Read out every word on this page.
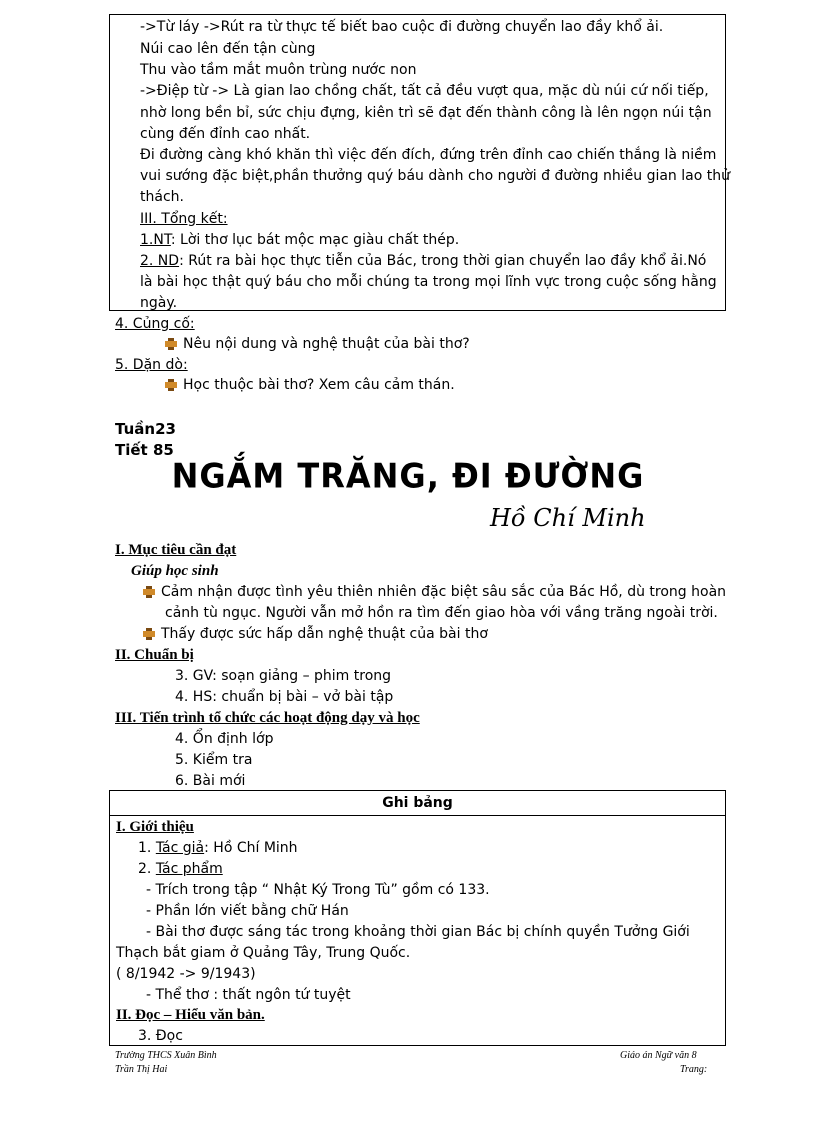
->Từ láy ->Rút ra từ thực tế biết bao cuộc đi đường chuyển lao đầy khổ ải.
Núi cao lên đến tận cùng
Thu vào tầm mắt muôn trùng nước non
->Điệp từ -> Là gian lao chồng chất, tất cả đều vượt qua, mặc dù núi cứ nối tiếp,
nhờ long bền bỉ, sức chịu đựng, kiên trì sẽ đạt đến thành công là lên ngọn núi tận
cùng đến đỉnh cao nhất.
Đi đường càng khó khăn thì việc đến đích, đứng trên đỉnh cao chiến thắng là niềm
vui sướng đặc biệt,phần thưởng quý báu dành cho người đ đường nhiều gian lao thử
thách.
III. Tổng kết:
1.NT: Lời thơ lục bát mộc mạc giàu chất thép.
2. ND: Rút ra bài học thực tiễn của Bác, trong thời gian chuyển lao đầy khổ ải.Nó
là bài học thật quý báu cho mỗi chúng ta trong mọi lĩnh vực trong cuộc sống hằng
ngày.
4. Củng cố:
Nêu nội dung và nghệ thuật của bài thơ?
5. Dặn dò:
Học thuộc bài thơ? Xem câu cảm thán.
Tuần23
Tiết 85
NGẮM TRĂNG, ĐI ĐƯỜNG
Hồ Chí Minh
I. Mục tiêu cần đạt
Giúp học sinh
Cảm nhận được tình yêu thiên nhiên đặc biệt sâu sắc của Bác Hồ, dù trong hoàn
cảnh tù ngục. Người vẫn mở hồn ra tìm đến giao hòa với vầng trăng ngoài trời.
Thấy được sức hấp dẫn nghệ thuật của bài thơ
II. Chuẩn bị
3. GV: soạn giảng – phim trong
4. HS: chuẩn bị bài – vở bài tập
III. Tiến trình tổ chức các hoạt động dạy và học
4. Ổn định lớp
5. Kiểm tra
6. Bài mới
Ghi bảng
I. Giới thiệu
1. Tác giả: Hồ Chí Minh
2. Tác phẩm
- Trích trong tập “ Nhật Ký Trong Tù” gồm có 133.
- Phần lớn viết bằng chữ Hán
- Bài thơ được sáng tác trong khoảng thời gian Bác bị chính quyền Tưởng Giới
Thạch bắt giam ở Quảng Tây, Trung Quốc.
( 8/1942 -> 9/1943)
- Thể thơ : thất ngôn tứ tuyệt
II. Đọc – Hiểu văn bản.
3. Đọc
Trường THCS Xuân Bình
Trần Thị Hai
Giáo án Ngữ văn 8
Trang:
